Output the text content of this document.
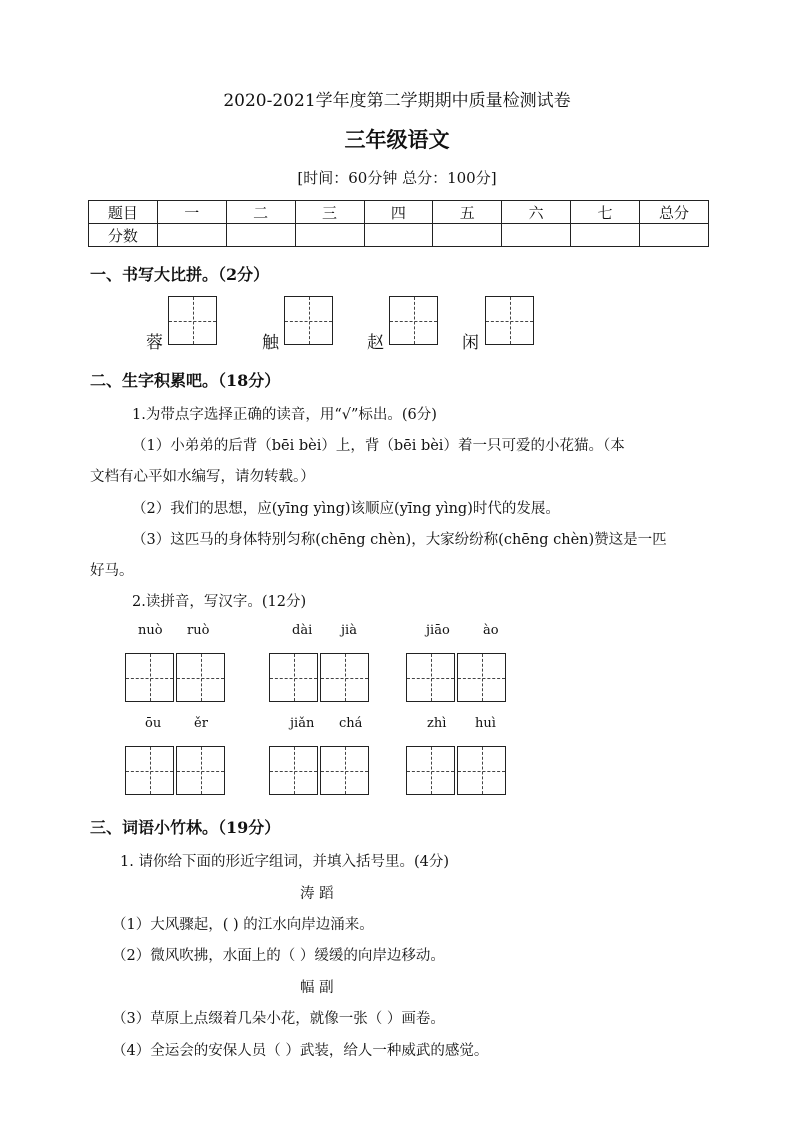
2020-2021学年度第二学期期中质量检测试卷
三年级语文
[时间：60分钟 总分：100分]
题目	一	二	三	四	五	六	七	总分
分数								
一、书写大比拼。（2分）
蓉	触	赵	闲
二、生字积累吧。（18分）
1.为带点字选择正确的读音，用“√”标出。(6分)
（1）小弟弟的后背（bēi bèi）上，背（bēi bèi）着一只可爱的小花猫。（本
文档有心平如水编写，请勿转载。）
（2）我们的思想，应(yīng yìng)该顺应(yīng yìng)时代的发展。
（3）这匹马的身体特别匀称(chēng chèn)，大家纷纷称(chēng chèn)赞这是一匹
好马。
2.读拼音，写汉字。(12分)
nuò ruò	dài jià	jiāo	ào
ōu	ěr	jiǎn chá	zhì huì
三、词语小竹林。（19分）
1. 请你给下面的形近字组词，并填入括号里。(4分)
涛 蹈
（1）大风骤起，( ) 的江水向岸边涌来。
（2）微风吹拂，水面上的（ ）缓缓的向岸边移动。
幅 副
（3）草原上点缀着几朵小花，就像一张（ ）画卷。
（4）全运会的安保人员（ ）武装，给人一种威武的感觉。
